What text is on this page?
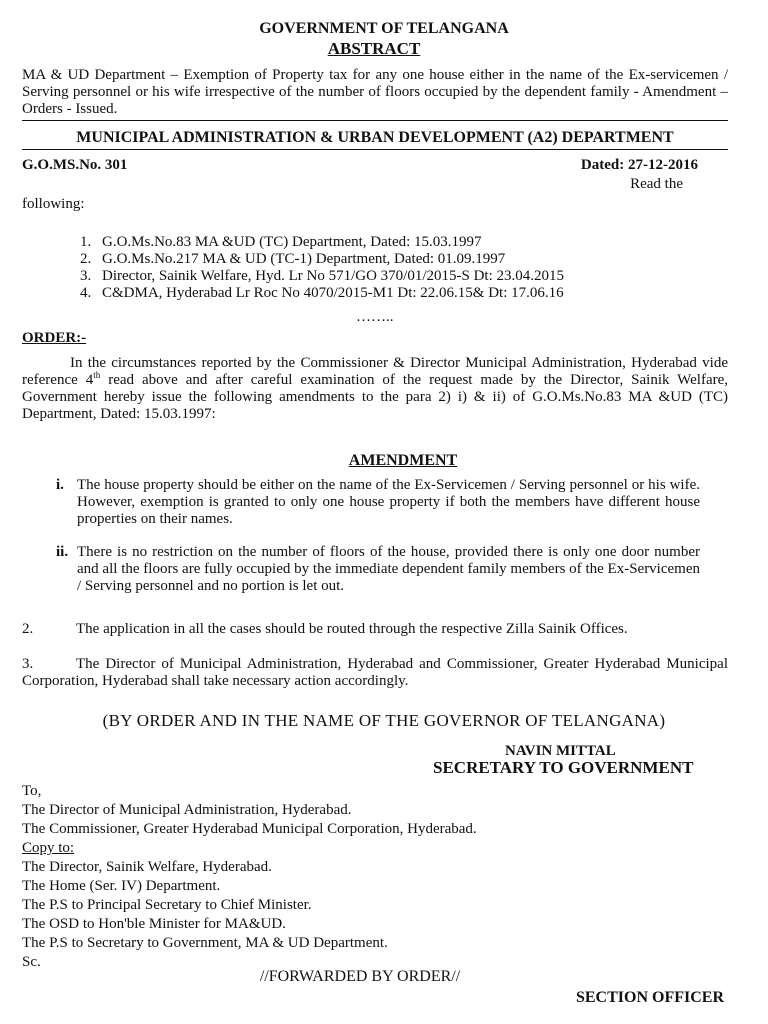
GOVERNMENT OF TELANGANA
ABSTRACT
MA & UD Department – Exemption of Property tax for any one house either in the name of the Ex-servicemen / Serving personnel or his wife irrespective of the number of floors occupied by the dependent family - Amendment – Orders - Issued.
MUNICIPAL ADMINISTRATION & URBAN DEVELOPMENT (A2) DEPARTMENT
G.O.MS.No. 301	Dated: 27-12-2016
Read the
following:
1. G.O.Ms.No.83 MA &UD (TC) Department, Dated: 15.03.1997
2. G.O.Ms.No.217 MA & UD (TC-1) Department, Dated: 01.09.1997
3. Director, Sainik Welfare, Hyd. Lr No 571/GO 370/01/2015-S Dt: 23.04.2015
4. C&DMA, Hyderabad Lr Roc No 4070/2015-M1 Dt: 22.06.15& Dt: 17.06.16
……..
ORDER:-
In the circumstances reported by the Commissioner & Director Municipal Administration, Hyderabad vide reference 4th read above and after careful examination of the request made by the Director, Sainik Welfare, Government hereby issue the following amendments to the para 2) i) & ii) of G.O.Ms.No.83 MA &UD (TC) Department, Dated: 15.03.1997:
AMENDMENT
i. The house property should be either on the name of the Ex-Servicemen / Serving personnel or his wife. However, exemption is granted to only one house property if both the members have different house properties on their names.
ii. There is no restriction on the number of floors of the house, provided there is only one door number and all the floors are fully occupied by the immediate dependent family members of the Ex-Servicemen / Serving personnel and no portion is let out.
2.	The application in all the cases should be routed through the respective Zilla Sainik Offices.
3.	The Director of Municipal Administration, Hyderabad and Commissioner, Greater Hyderabad Municipal Corporation, Hyderabad shall take necessary action accordingly.
(BY ORDER AND IN THE NAME OF THE GOVERNOR OF TELANGANA)
NAVIN MITTAL
SECRETARY TO GOVERNMENT
To,
The Director of Municipal Administration, Hyderabad.
The Commissioner, Greater Hyderabad Municipal Corporation, Hyderabad.
Copy to:
The Director, Sainik Welfare, Hyderabad.
The Home (Ser. IV) Department.
The P.S to Principal Secretary to Chief Minister.
The OSD to Hon'ble Minister for MA&UD.
The P.S to Secretary to Government, MA & UD Department.
Sc.
//FORWARDED BY ORDER//
SECTION OFFICER
